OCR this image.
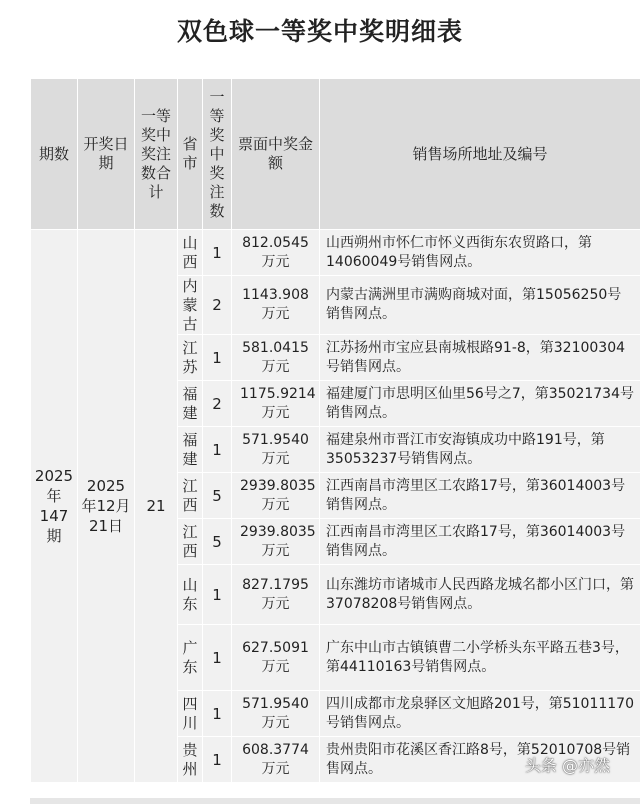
双色球一等奖中奖明细表
期数	开奖日期	一等奖中奖注数合计	省市	一等奖中奖注数	票面中奖金额	销售场所地址及编号
2025年147期	2025年12月21日	21	山西	1	812.0545万元	山西朔州市怀仁市怀义西街东农贸路口，第14060049号销售网点。
			内蒙古	2	1143.908万元	内蒙古满洲里市满购商城对面，第15056250号销售网点。
			江苏	1	581.0415万元	江苏扬州市宝应县南城根路91-8，第32100304号销售网点。
			福建	2	1175.9214万元	福建厦门市思明区仙里56号之7，第35021734号销售网点。
			福建	1	571.9540万元	福建泉州市晋江市安海镇成功中路191号，第35053237号销售网点。
			江西	5	2939.8035万元	江西南昌市湾里区工农路17号，第36014003号销售网点。
			江西	5	2939.8035万元	江西南昌市湾里区工农路17号，第36014003号销售网点。
			山东	1	827.1795万元	山东潍坊市诸城市人民西路龙城名都小区门口，第37078208号销售网点。
			广东	1	627.5091万元	广东中山市古镇镇曹二小学桥头东平路五巷3号，第44110163号销售网点。
			四川	1	571.9540万元	四川成都市龙泉驿区文旭路201号，第51011170号销售网点。
			贵州	1	608.3774万元	贵州贵阳市花溪区香江路8号，第52010708号销售网点。	头条 @亦然
